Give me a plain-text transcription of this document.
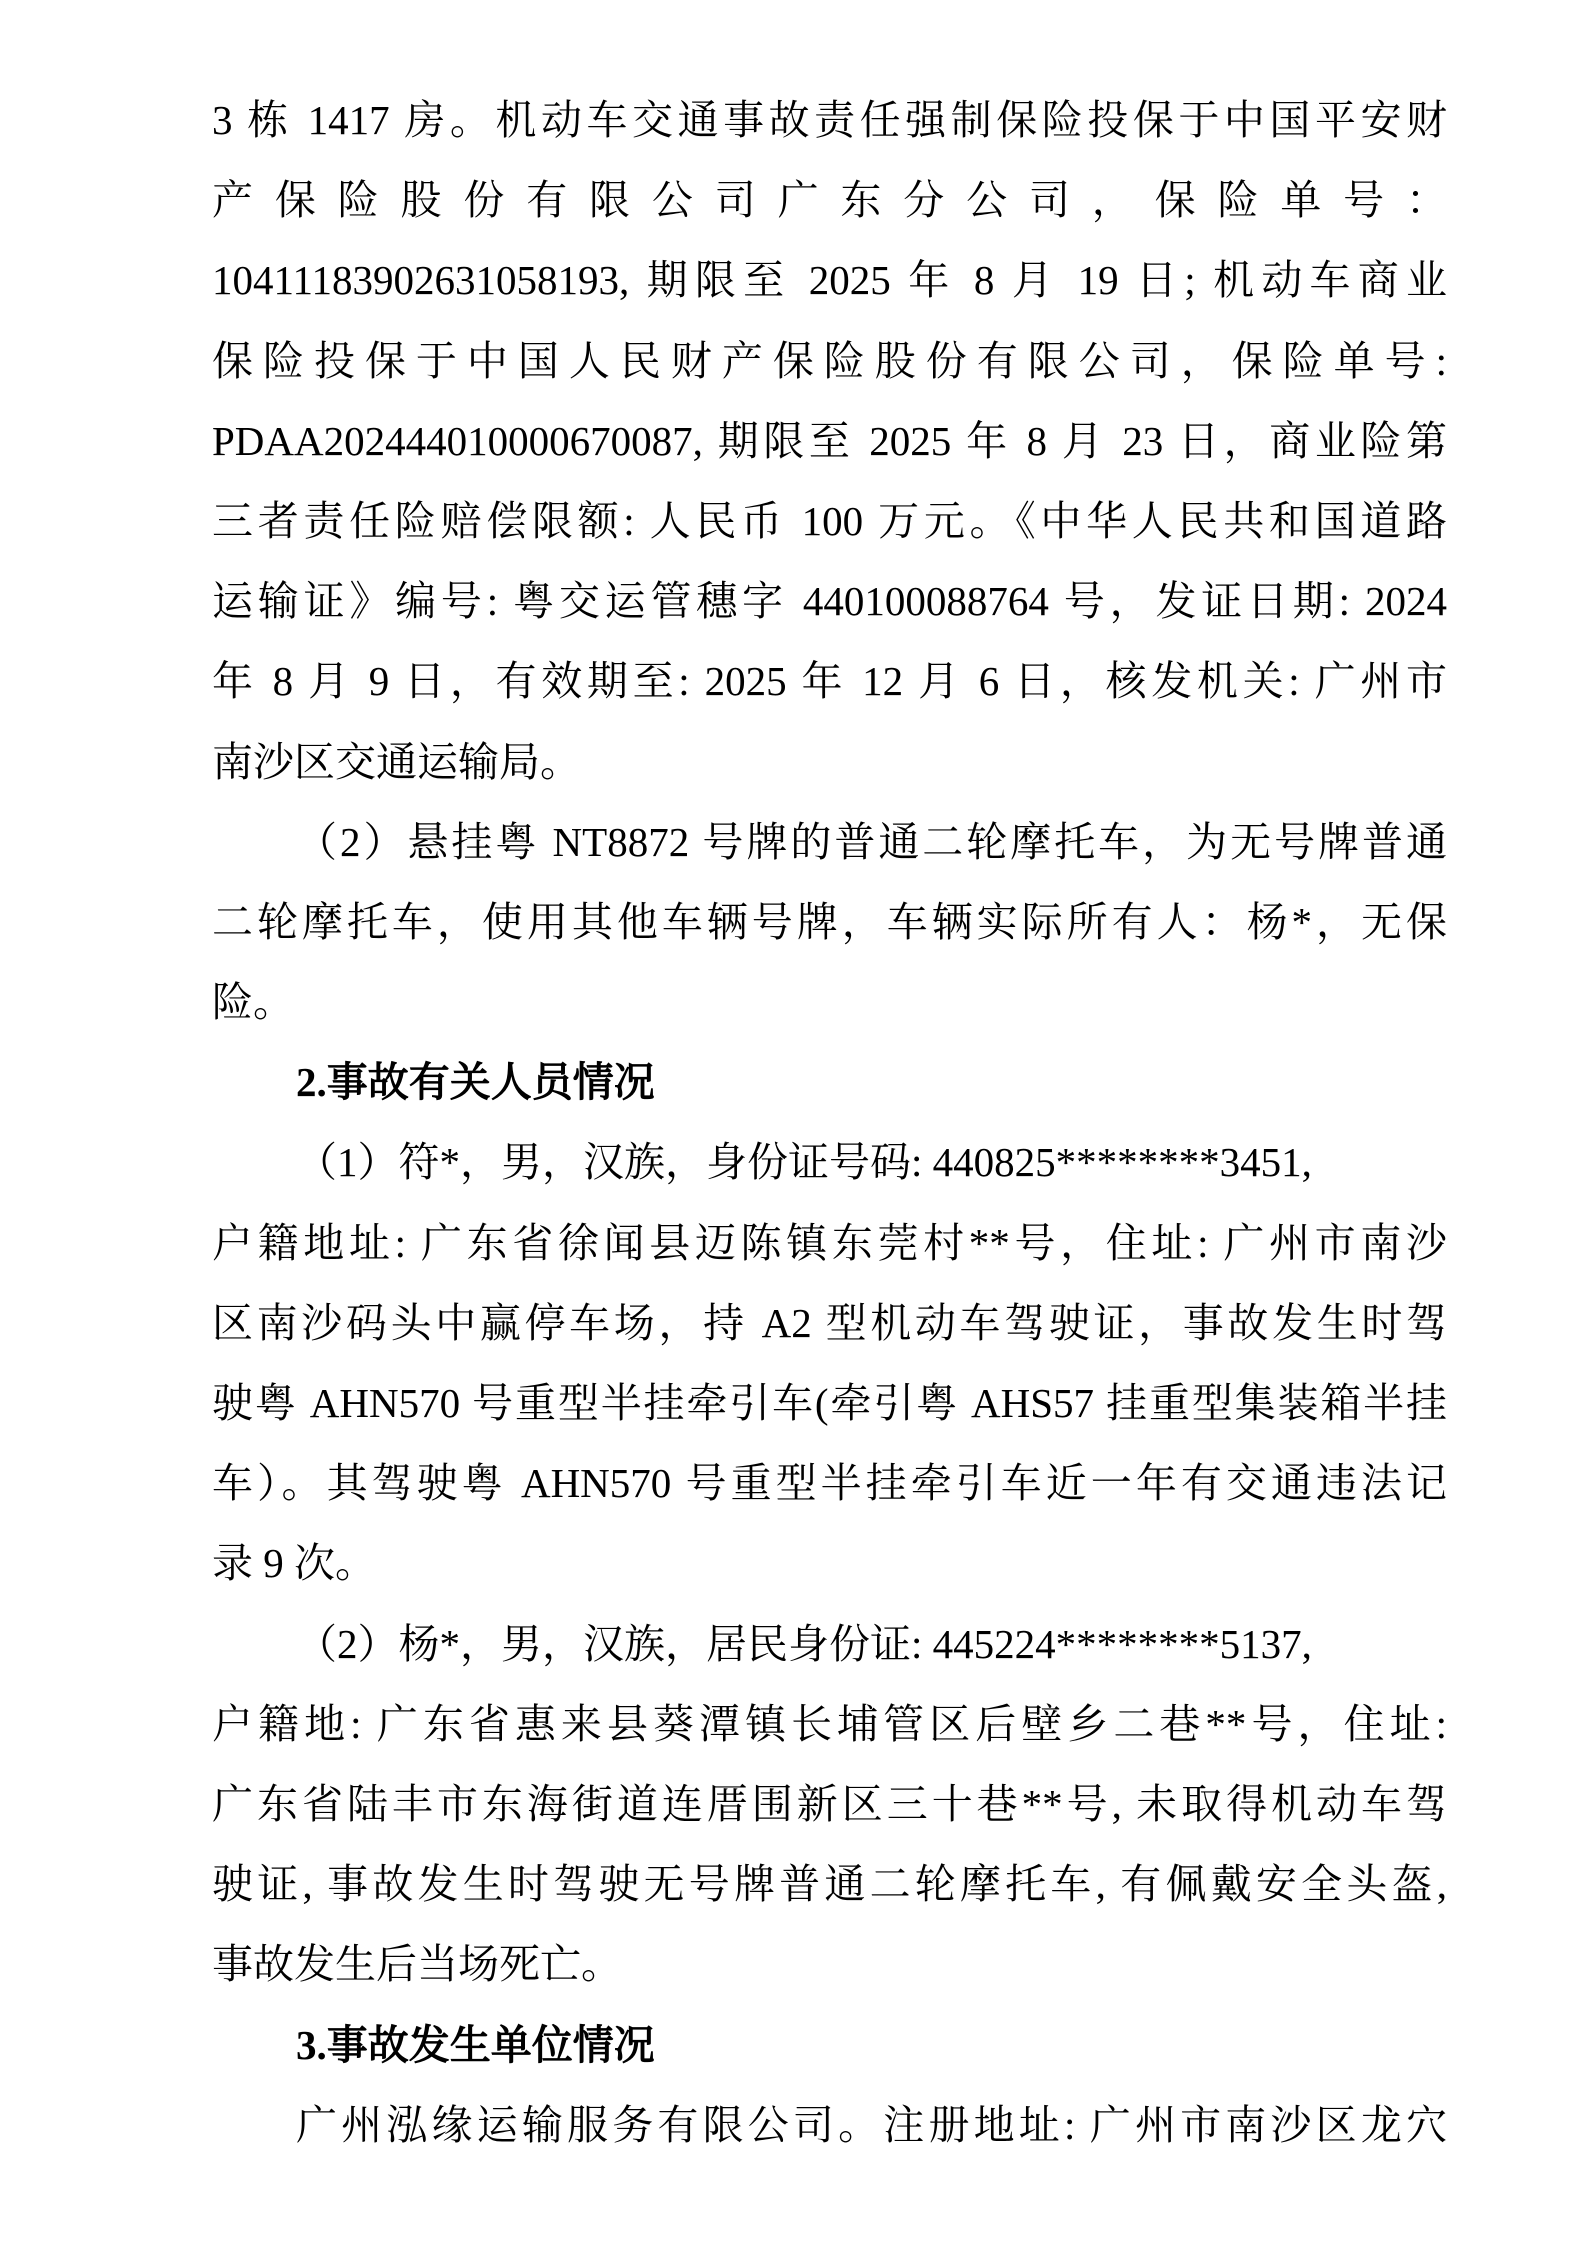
3 栋 1417 房。机动车交通事故责任强制保险投保于中国平安财
产保险股份有限公司广东分公司，保险单号：
10411183902631058193, 期限至 2025 年 8 月 19 日; 机动车商业
保险投保于中国人民财产保险股份有限公司，保险单号:
PDAA202444010000670087, 期限至 2025 年 8 月 23 日，商业险第
三者责任险赔偿限额: 人民币 100 万元。《中华人民共和国道路
运输证》编号: 粤交运管穗字 440100088764 号，发证日期: 2024
年 8 月 9 日，有效期至: 2025 年 12 月 6 日，核发机关: 广州市
南沙区交通运输局。
（2）悬挂粤 NT8872 号牌的普通二轮摩托车，为无号牌普通
二轮摩托车，使用其他车辆号牌，车辆实际所有人：杨*，无保
险。
2.事故有关人员情况
（1）符*，男，汉族，身份证号码: 440825********3451,
户籍地址: 广东省徐闻县迈陈镇东莞村**号，住址: 广州市南沙
区南沙码头中赢停车场，持 A2 型机动车驾驶证，事故发生时驾
驶粤 AHN570 号重型半挂牵引车(牵引粤 AHS57 挂重型集装箱半挂
车）。其驾驶粤 AHN570 号重型半挂牵引车近一年有交通违法记
录 9 次。
（2）杨*，男，汉族，居民身份证: 445224********5137,
户籍地: 广东省惠来县葵潭镇长埔管区后壁乡二巷**号，住址:
广东省陆丰市东海街道连厝围新区三十巷**号, 未取得机动车驾
驶证, 事故发生时驾驶无号牌普通二轮摩托车, 有佩戴安全头盔,
事故发生后当场死亡。
3.事故发生单位情况
广州泓缘运输服务有限公司。注册地址: 广州市南沙区龙穴
